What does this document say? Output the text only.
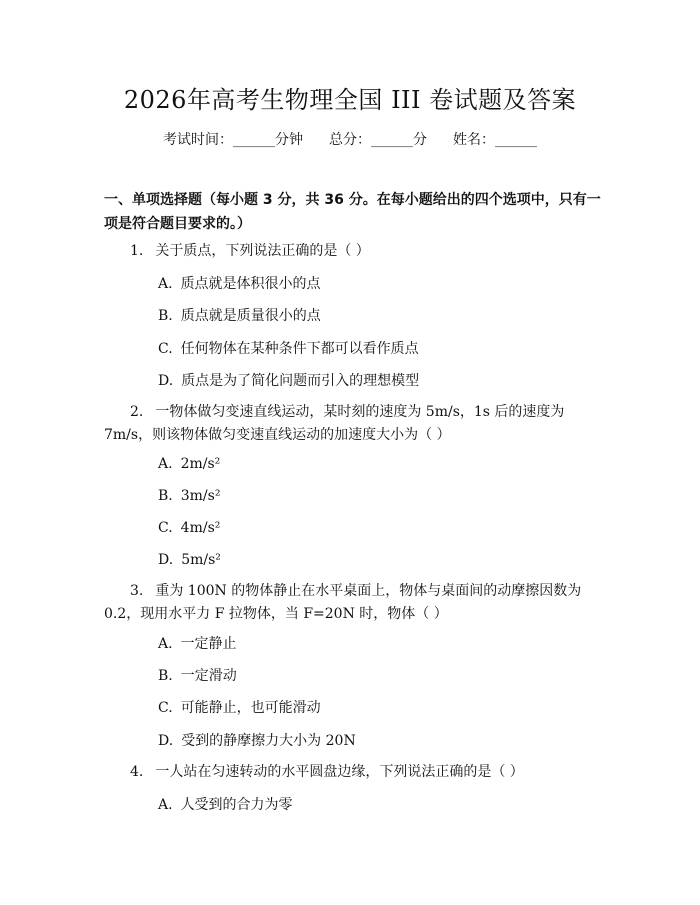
2026年高考生物理全国 III 卷试题及答案
考试时间：______分钟 总分：______分 姓名：______
一、单项选择题（每小题 3 分，共 36 分。在每小题给出的四个选项中，只有一项是符合题目要求的。）
1. 关于质点，下列说法正确的是（ ）
A. 质点就是体积很小的点
B. 质点就是质量很小的点
C. 任何物体在某种条件下都可以看作质点
D. 质点是为了简化问题而引入的理想模型
2. 一物体做匀变速直线运动，某时刻的速度为 5m/s，1s 后的速度为 7m/s，则该物体做匀变速直线运动的加速度大小为（ ）
A. 2m/s²
B. 3m/s²
C. 4m/s²
D. 5m/s²
3. 重为 100N 的物体静止在水平桌面上，物体与桌面间的动摩擦因数为 0.2，现用水平力 F 拉物体，当 F=20N 时，物体（ ）
A. 一定静止
B. 一定滑动
C. 可能静止，也可能滑动
D. 受到的静摩擦力大小为 20N
4. 一人站在匀速转动的水平圆盘边缘，下列说法正确的是（ ）
A. 人受到的合力为零
